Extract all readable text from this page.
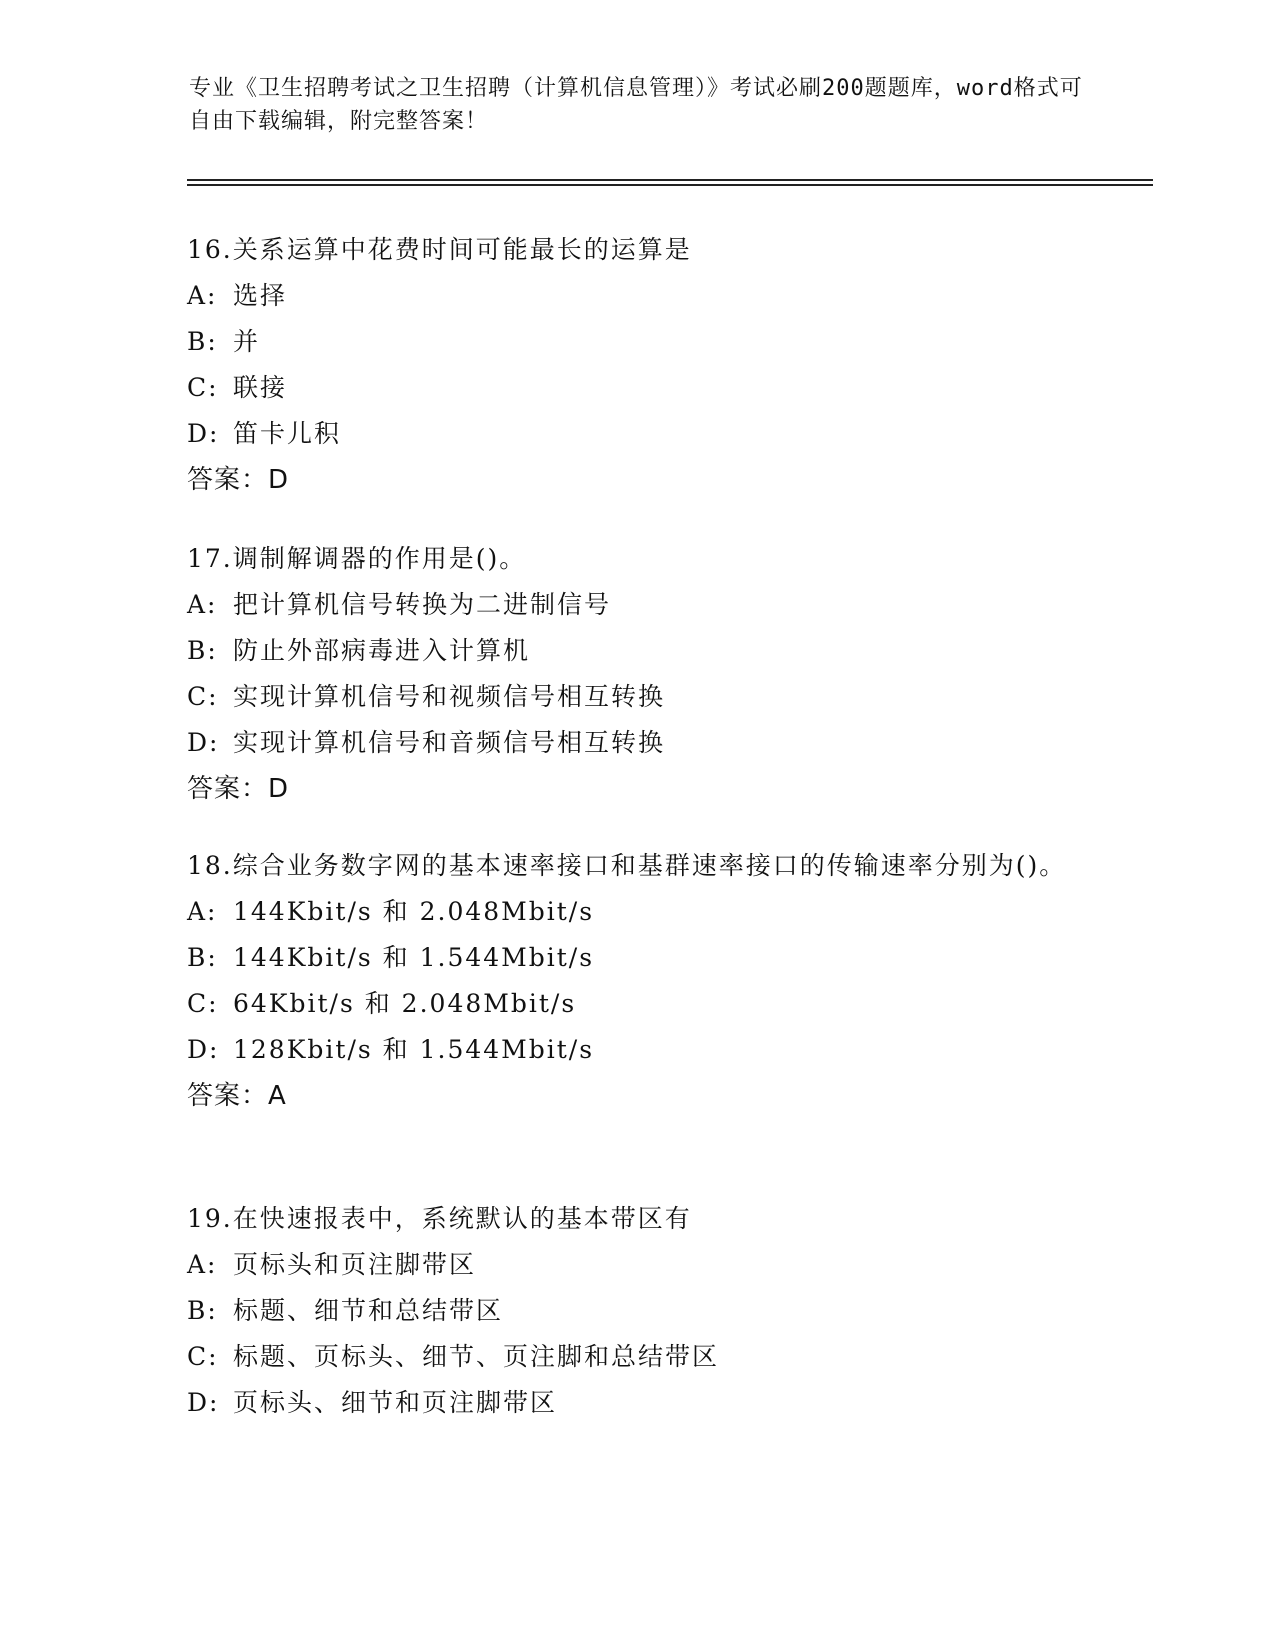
专业《卫生招聘考试之卫生招聘（计算机信息管理）》考试必刷200题题库，word格式可自由下载编辑，附完整答案！
16.关系运算中花费时间可能最长的运算是
A: 选择
B: 并
C: 联接
D: 笛卡儿积
答案：D
17.调制解调器的作用是()。
A: 把计算机信号转换为二进制信号
B: 防止外部病毒进入计算机
C: 实现计算机信号和视频信号相互转换
D: 实现计算机信号和音频信号相互转换
答案：D
18.综合业务数字网的基本速率接口和基群速率接口的传输速率分别为()。
A: 144Kbit/s 和 2.048Mbit/s
B: 144Kbit/s 和 1.544Mbit/s
C: 64Kbit/s 和 2.048Mbit/s
D: 128Kbit/s 和 1.544Mbit/s
答案：A
19.在快速报表中，系统默认的基本带区有
A: 页标头和页注脚带区
B: 标题、细节和总结带区
C: 标题、页标头、细节、页注脚和总结带区
D: 页标头、细节和页注脚带区
